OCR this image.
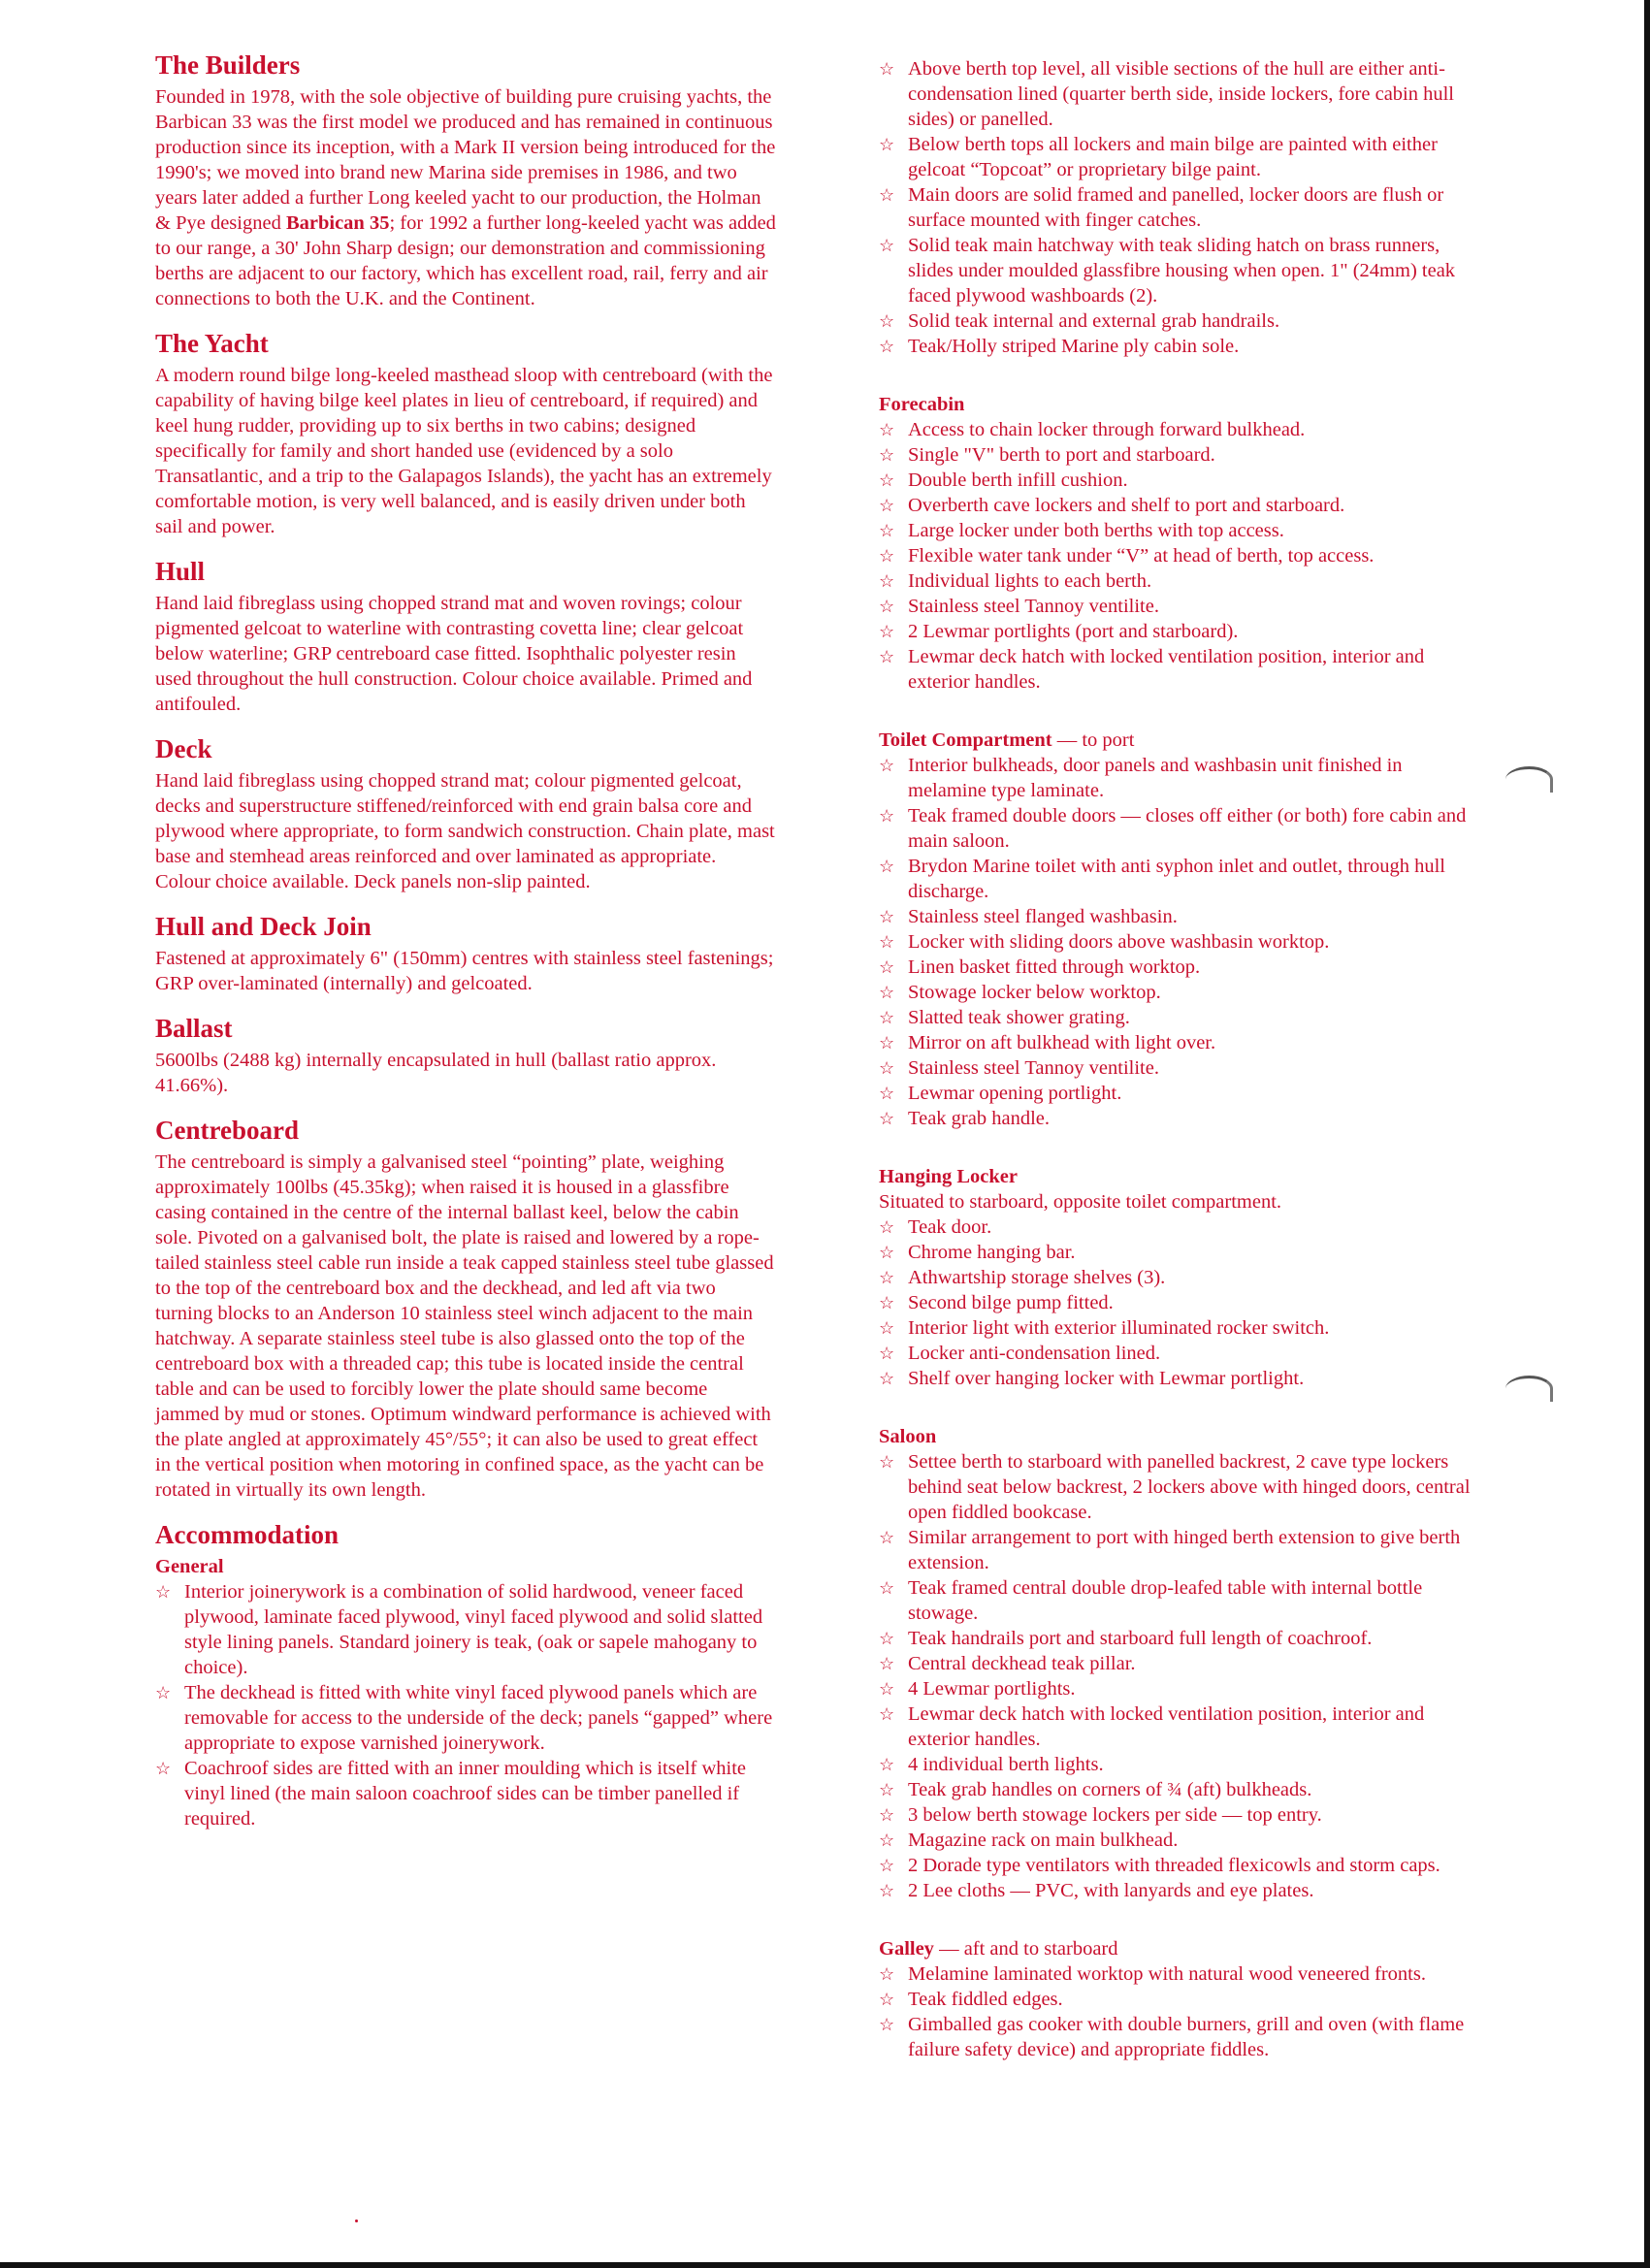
The Builders

Founded in 1978, with the sole objective of building pure cruising yachts, the Barbican 33 was the first model we produced and has remained in continuous production since its inception, with a Mark II version being introduced for the 1990's; we moved into brand new Marina side premises in 1986, and two years later added a further Long keeled yacht to our production, the Holman & Pye designed Barbican 35; for 1992 a further long-keeled yacht was added to our range, a 30' John Sharp design; our demonstration and commissioning berths are adjacent to our factory, which has excellent road, rail, ferry and air connections to both the U.K. and the Continent.

The Yacht

A modern round bilge long-keeled masthead sloop with centreboard (with the capability of having bilge keel plates in lieu of centreboard, if required) and keel hung rudder, providing up to six berths in two cabins; designed specifically for family and short handed use (evidenced by a solo Transatlantic, and a trip to the Galapagos Islands), the yacht has an extremely comfortable motion, is very well balanced, and is easily driven under both sail and power.

Hull

Hand laid fibreglass using chopped strand mat and woven rovings; colour pigmented gelcoat to waterline with contrasting covetta line; clear gelcoat below waterline; GRP centreboard case fitted. Isophthalic polyester resin used throughout the hull construction. Colour choice available. Primed and antifouled.

Deck

Hand laid fibreglass using chopped strand mat; colour pigmented gelcoat, decks and superstructure stiffened/reinforced with end grain balsa core and plywood where appropriate, to form sandwich construction. Chain plate, mast base and stemhead areas reinforced and over laminated as appropriate. Colour choice available. Deck panels non-slip painted.

Hull and Deck Join

Fastened at approximately 6" (150mm) centres with stainless steel fastenings; GRP over-laminated (internally) and gelcoated.

Ballast

5600lbs (2488 kg) internally encapsulated in hull (ballast ratio approx. 41.66%).

Centreboard

The centreboard is simply a galvanised steel “pointing” plate, weighing approximately 100lbs (45.35kg); when raised it is housed in a glassfibre casing contained in the centre of the internal ballast keel, below the cabin sole. Pivoted on a galvanised bolt, the plate is raised and lowered by a rope-tailed stainless steel cable run inside a teak capped stainless steel tube glassed to the top of the centreboard box and the deckhead, and led aft via two turning blocks to an Anderson 10 stainless steel winch adjacent to the main hatchway. A separate stainless steel tube is also glassed onto the top of the centreboard box with a threaded cap; this tube is located inside the central table and can be used to forcibly lower the plate should same become jammed by mud or stones. Optimum windward performance is achieved with the plate angled at approximately 45°/55°; it can also be used to great effect in the vertical position when motoring in confined space, as the yacht can be rotated in virtually its own length.

Accommodation
General
☆ Interior joinerywork is a combination of solid hardwood, veneer faced plywood, laminate faced plywood, vinyl faced plywood and solid slatted style lining panels. Standard joinery is teak, (oak or sapele mahogany to choice).
☆ The deckhead is fitted with white vinyl faced plywood panels which are removable for access to the underside of the deck; panels “gapped” where appropriate to expose varnished joinerywork.
☆ Coachroof sides are fitted with an inner moulding which is itself white vinyl lined (the main saloon coachroof sides can be timber panelled if required.
☆ Above berth top level, all visible sections of the hull are either anti-condensation lined (quarter berth side, inside lockers, fore cabin hull sides) or panelled.
☆ Below berth tops all lockers and main bilge are painted with either gelcoat “Topcoat” or proprietary bilge paint.
☆ Main doors are solid framed and panelled, locker doors are flush or surface mounted with finger catches.
☆ Solid teak main hatchway with teak sliding hatch on brass runners, slides under moulded glassfibre housing when open. 1" (24mm) teak faced plywood washboards (2).
☆ Solid teak internal and external grab handrails.
☆ Teak/Holly striped Marine ply cabin sole.
Forecabin
☆ Access to chain locker through forward bulkhead.
☆ Single "V" berth to port and starboard.
☆ Double berth infill cushion.
☆ Overberth cave lockers and shelf to port and starboard.
☆ Large locker under both berths with top access.
☆ Flexible water tank under “V” at head of berth, top access.
☆ Individual lights to each berth.
☆ Stainless steel Tannoy ventilite.
☆ 2 Lewmar portlights (port and starboard).
☆ Lewmar deck hatch with locked ventilation position, interior and exterior handles.
Toilet Compartment — to port
☆ Interior bulkheads, door panels and washbasin unit finished in melamine type laminate.
☆ Teak framed double doors — closes off either (or both) fore cabin and main saloon.
☆ Brydon Marine toilet with anti syphon inlet and outlet, through hull discharge.
☆ Stainless steel flanged washbasin.
☆ Locker with sliding doors above washbasin worktop.
☆ Linen basket fitted through worktop.
☆ Stowage locker below worktop.
☆ Slatted teak shower grating.
☆ Mirror on aft bulkhead with light over.
☆ Stainless steel Tannoy ventilite.
☆ Lewmar opening portlight.
☆ Teak grab handle.
Hanging Locker

Situated to starboard, opposite toilet compartment.

☆ Teak door.
☆ Chrome hanging bar.
☆ Athwartship storage shelves (3).
☆ Second bilge pump fitted.
☆ Interior light with exterior illuminated rocker switch.
☆ Locker anti-condensation lined.
☆ Shelf over hanging locker with Lewmar portlight.
Saloon
☆ Settee berth to starboard with panelled backrest, 2 cave type lockers behind seat below backrest, 2 lockers above with hinged doors, central open fiddled bookcase.
☆ Similar arrangement to port with hinged berth extension to give berth extension.
☆ Teak framed central double drop-leafed table with internal bottle stowage.
☆ Teak handrails port and starboard full length of coachroof.
☆ Central deckhead teak pillar.
☆ 4 Lewmar portlights.
☆ Lewmar deck hatch with locked ventilation position, interior and exterior handles.
☆ 4 individual berth lights.
☆ Teak grab handles on corners of ¾ (aft) bulkheads.
☆ 3 below berth stowage lockers per side — top entry.
☆ Magazine rack on main bulkhead.
☆ 2 Dorade type ventilators with threaded flexicowls and storm caps.
☆ 2 Lee cloths — PVC, with lanyards and eye plates.
Galley — aft and to starboard
☆ Melamine laminated worktop with natural wood veneered fronts.
☆ Teak fiddled edges.
☆ Gimballed gas cooker with double burners, grill and oven (with flame failure safety device) and appropriate fiddles.
